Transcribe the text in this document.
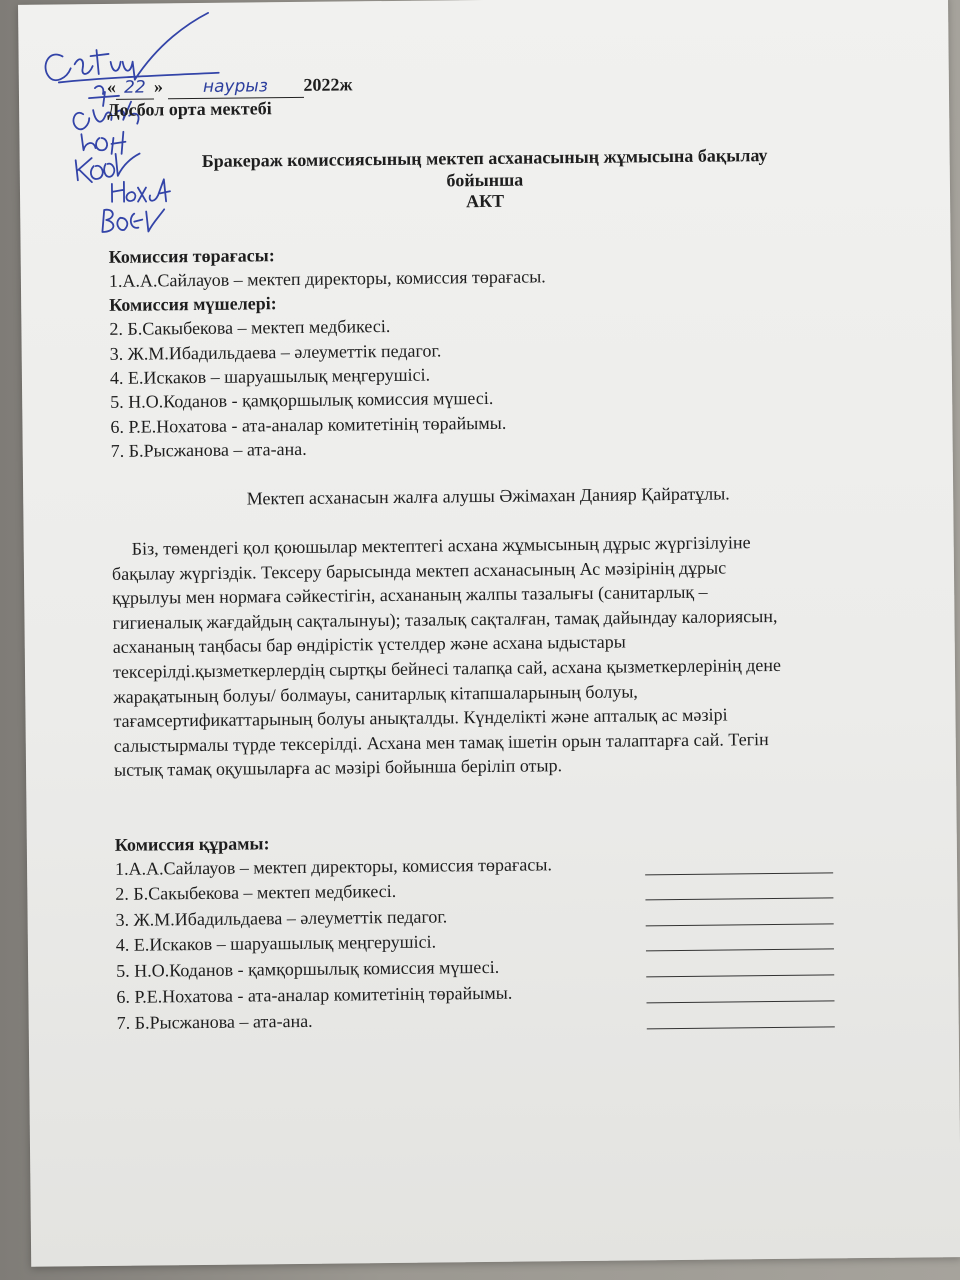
« 22 » наурыз 2022ж
Досбол орта мектебі
Бракераж комиссиясының мектеп асханасының жұмысына бақылау
бойынша
АКТ
Комиссия төрағасы:
1.А.А.Сайлауов – мектеп директоры, комиссия төрағасы.
Комиссия мүшелері:
2. Б.Сакыбекова – мектеп медбикесі.
3. Ж.М.Ибадильдаева – әлеуметтік педагог.
4. Е.Искаков – шаруашылық меңгерушісі.
5. Н.О.Коданов - қамқоршылық комиссия мүшесі.
6. Р.Е.Нохатова - ата-аналар комитетінің төрайымы.
7. Б.Рысжанова – ата-ана.
Мектеп асханасын жалға алушы Әжімахан Данияр Қайратұлы.
Біз, төмендегі қол қоюшылар мектептегі асхана жұмысының дұрыс жүргізілуіне бақылау жүргіздік. Тексеру барысында мектеп асханасының Ас мәзірінің дұрыс құрылуы мен нормаға сәйкестігін, асхананың жалпы тазалығы (санитарлық – гигиеналық жағдайдың сақталынуы); тазалық сақталған, тамақ дайындау калориясын, асхананың таңбасы бар өндірістік үстелдер және асхана ыдыстары тексерілді.қызметкерлердің сыртқы бейнесі талапқа сай, асхана қызметкерлерінің дене жарақатының болуы/ болмауы, санитарлық кітапшаларының болуы, тағамсертификаттарының болуы анықталды. Күнделікті және апталық ас мәзірі салыстырмалы түрде тексерілді. Асхана мен тамақ ішетін орын талаптарға сай. Тегін ыстық тамақ оқушыларға ас мәзірі бойынша беріліп отыр.
Комиссия құрамы:
1.А.А.Сайлауов – мектеп директоры, комиссия төрағасы.
2. Б.Сакыбекова – мектеп медбикесі.
3. Ж.М.Ибадильдаева – әлеуметтік педагог.
4. Е.Искаков – шаруашылық меңгерушісі.
5. Н.О.Коданов - қамқоршылық комиссия мүшесі.
6. Р.Е.Нохатова - ата-аналар комитетінің төрайымы.
7. Б.Рысжанова – ата-ана.
